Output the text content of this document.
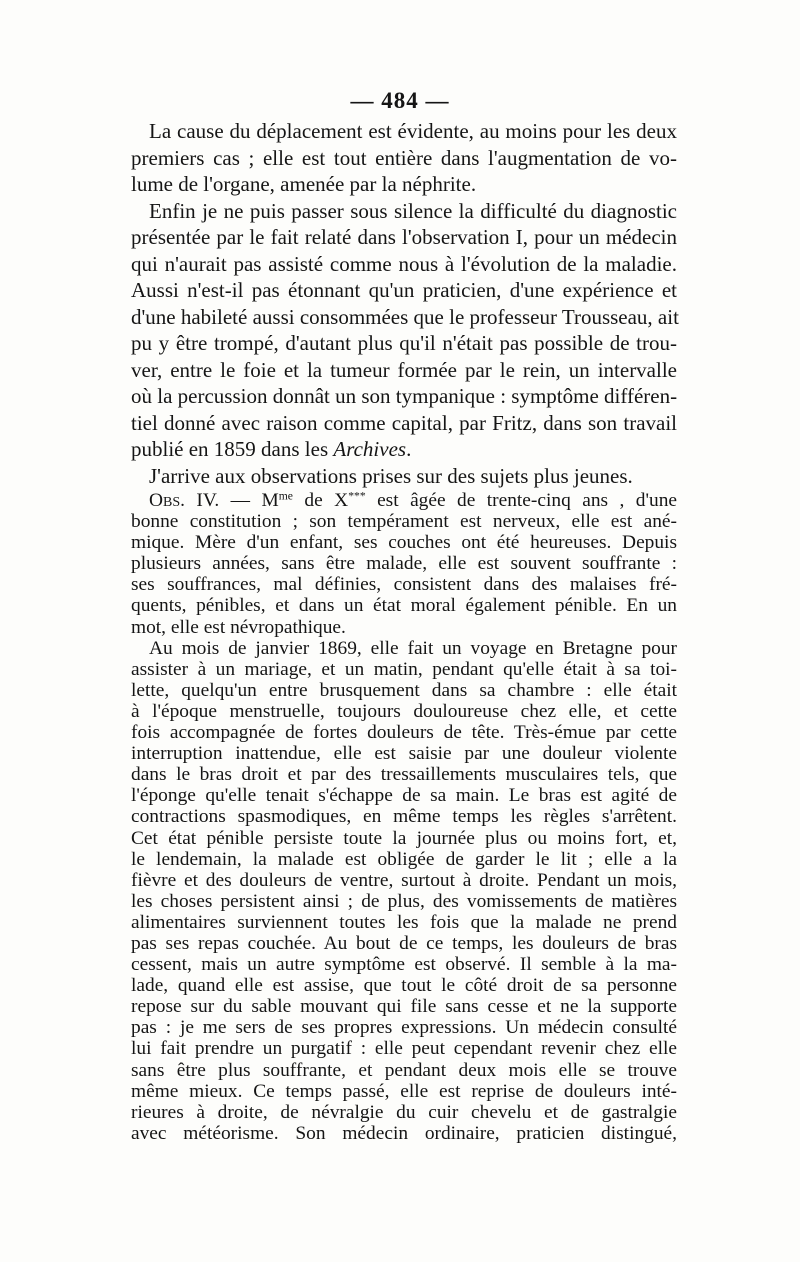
— 484 —
La cause du déplacement est évidente, au moins pour les deux
premiers cas ; elle est tout entière dans l'augmentation de vo-
lume de l'organe, amenée par la néphrite.
Enfin je ne puis passer sous silence la difficulté du diagnostic
présentée par le fait relaté dans l'observation I, pour un médecin
qui n'aurait pas assisté comme nous à l'évolution de la maladie.
Aussi n'est-il pas étonnant qu'un praticien, d'une expérience et
d'une habileté aussi consommées que le professeur Trousseau, ait
pu y être trompé, d'autant plus qu'il n'était pas possible de trou-
ver, entre le foie et la tumeur formée par le rein, un intervalle
où la percussion donnât un son tympanique : symptôme différen-
tiel donné avec raison comme capital, par Fritz, dans son travail
publié en 1859 dans les Archives.
J'arrive aux observations prises sur des sujets plus jeunes.
Obs. IV. — $M^{me}$ de X*** est âgée de trente-cinq ans , d'une
bonne constitution ; son tempérament est nerveux, elle est ané-
mique. Mère d'un enfant, ses couches ont été heureuses. Depuis
plusieurs années, sans être malade, elle est souvent souffrante :
ses souffrances, mal définies, consistent dans des malaises fré-
quents, pénibles, et dans un état moral également pénible. En un
mot, elle est névropathique.
Au mois de janvier 1869, elle fait un voyage en Bretagne pour
assister à un mariage, et un matin, pendant qu'elle était à sa toi-
lette, quelqu'un entre brusquement dans sa chambre : elle était
à l'époque menstruelle, toujours douloureuse chez elle, et cette
fois accompagnée de fortes douleurs de tête. Très-émue par cette
interruption inattendue, elle est saisie par une douleur violente
dans le bras droit et par des tressaillements musculaires tels, que
l'éponge qu'elle tenait s'échappe de sa main. Le bras est agité de
contractions spasmodiques, en même temps les règles s'arrêtent.
Cet état pénible persiste toute la journée plus ou moins fort, et,
le lendemain, la malade est obligée de garder le lit ; elle a la
fièvre et des douleurs de ventre, surtout à droite. Pendant un mois,
les choses persistent ainsi ; de plus, des vomissements de matières
alimentaires surviennent toutes les fois que la malade ne prend
pas ses repas couchée. Au bout de ce temps, les douleurs de bras
cessent, mais un autre symptôme est observé. Il semble à la ma-
lade, quand elle est assise, que tout le côté droit de sa personne
repose sur du sable mouvant qui file sans cesse et ne la supporte
pas : je me sers de ses propres expressions. Un médecin consulté
lui fait prendre un purgatif : elle peut cependant revenir chez elle
sans être plus souffrante, et pendant deux mois elle se trouve
même mieux. Ce temps passé, elle est reprise de douleurs inté-
rieures à droite, de névralgie du cuir chevelu et de gastralgie
avec météorisme. Son médecin ordinaire, praticien distingué,
